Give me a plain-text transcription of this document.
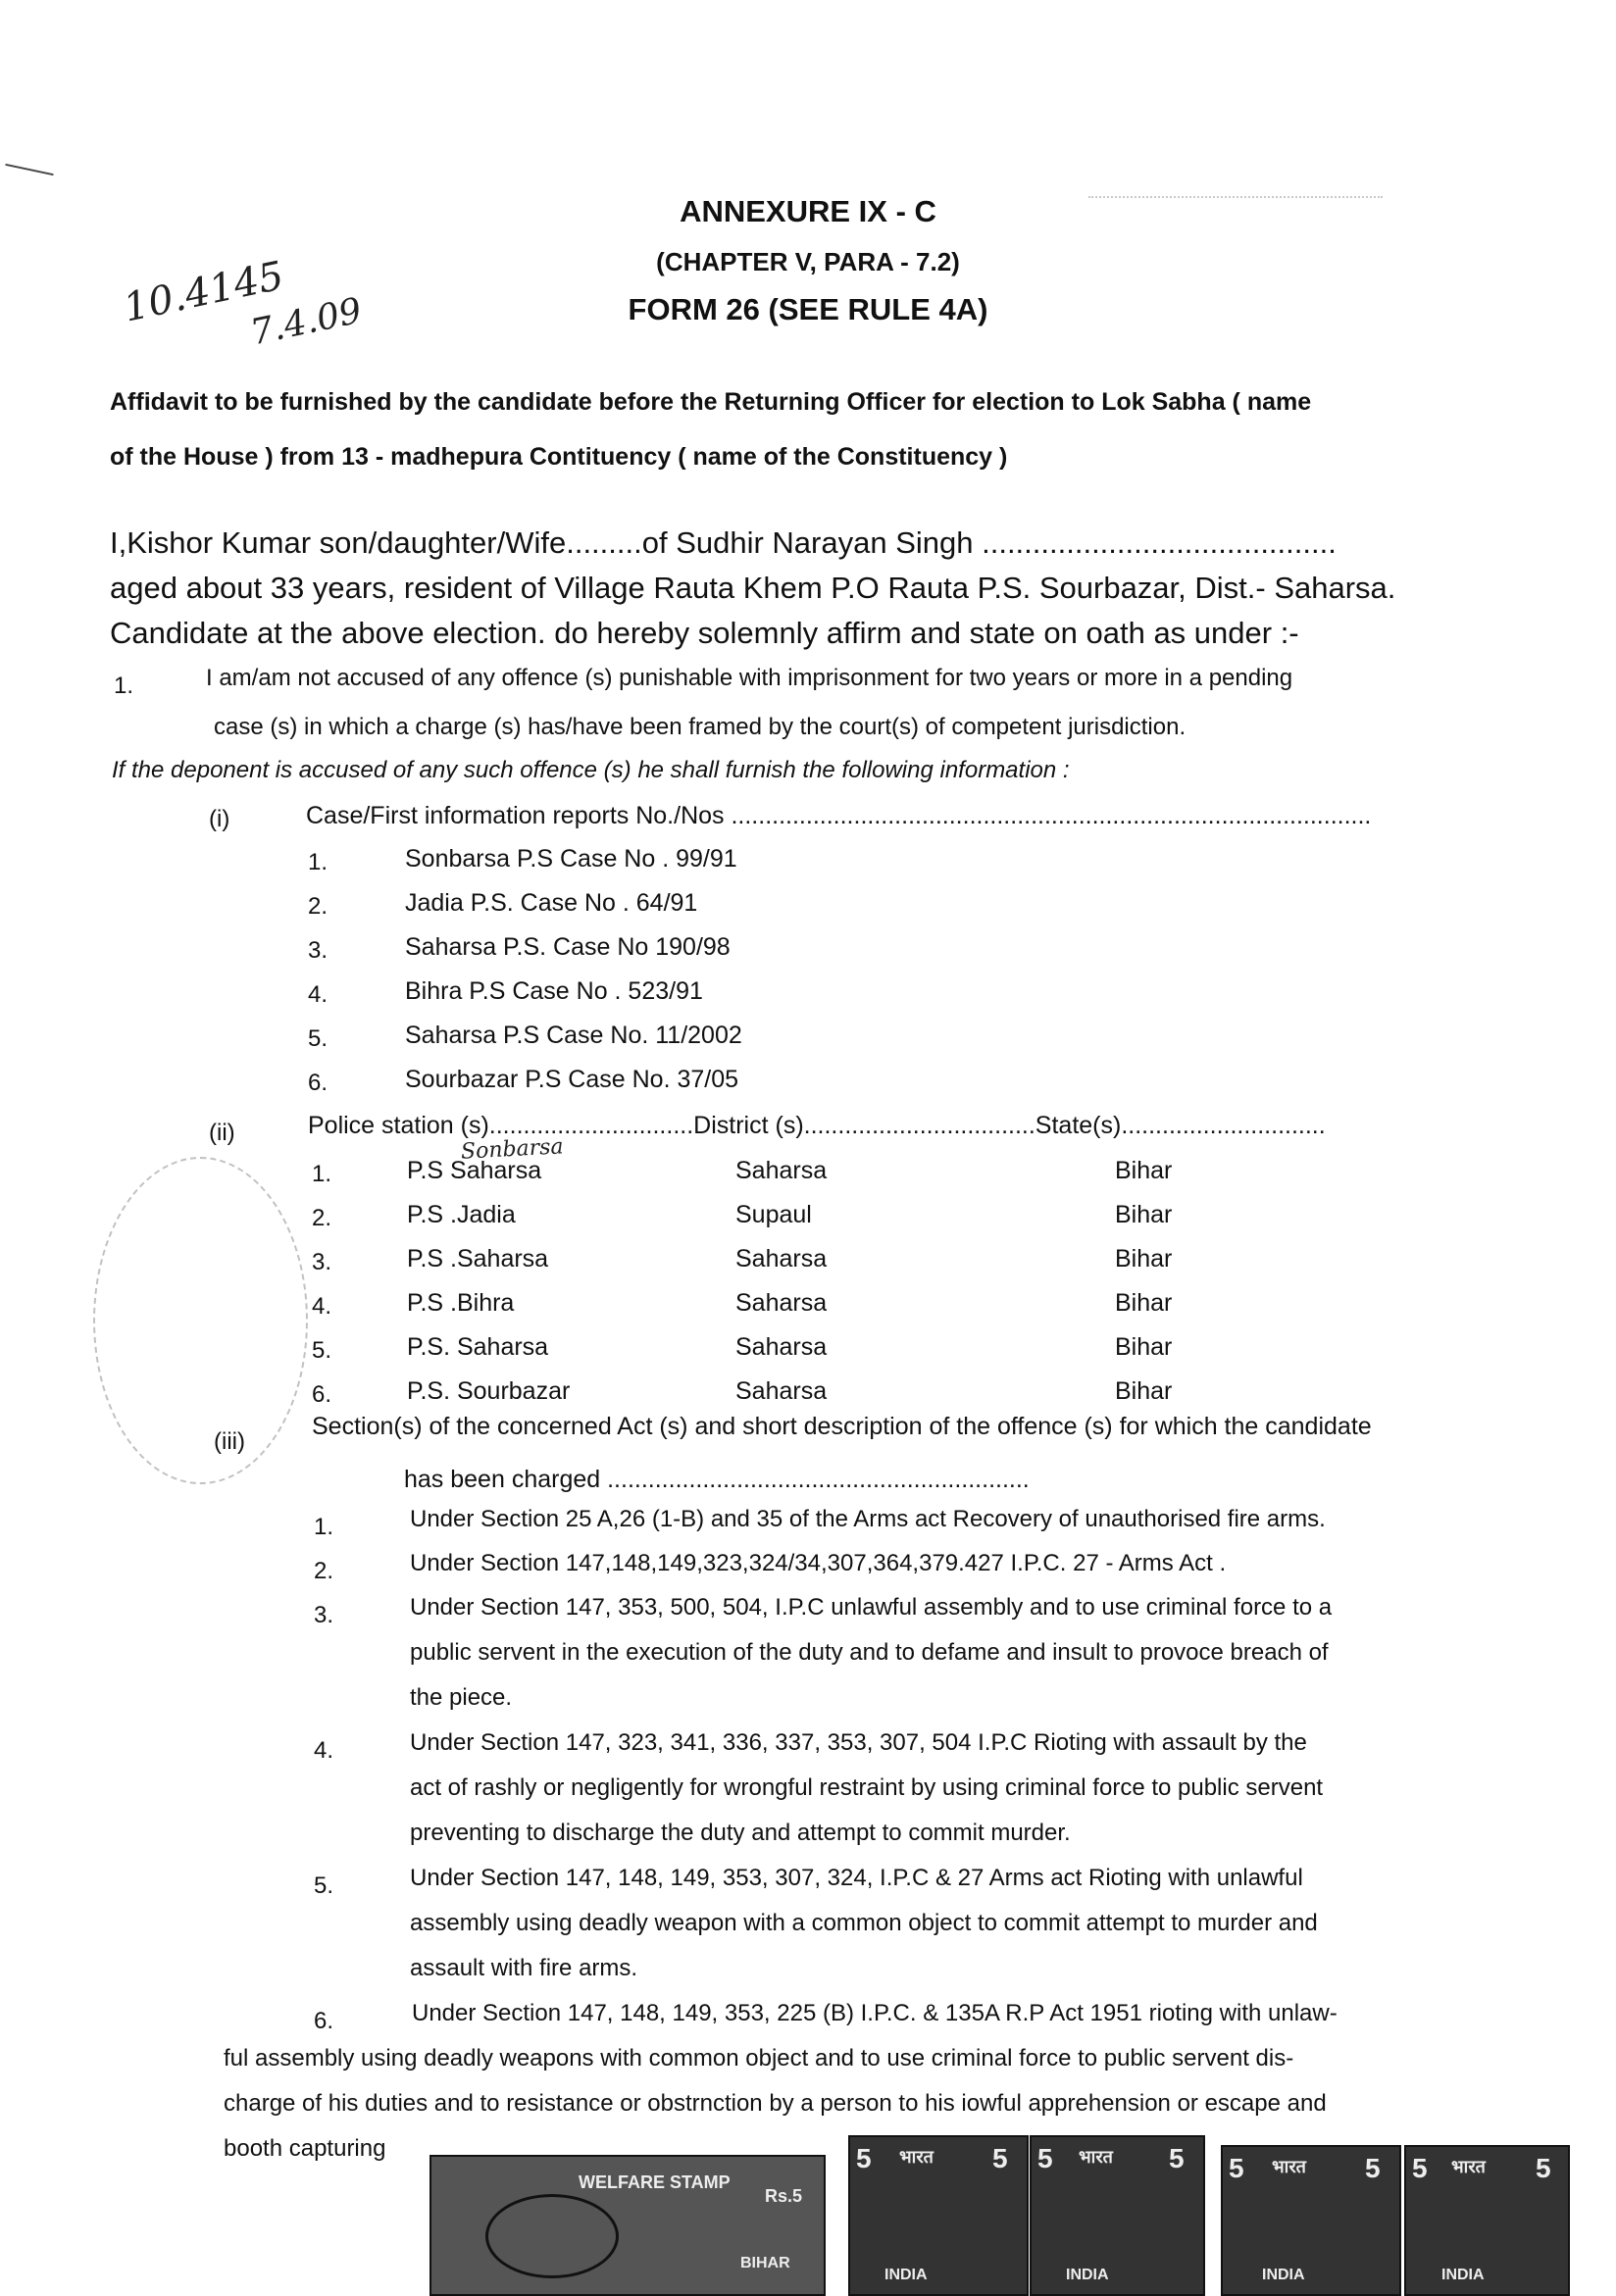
ANNEXURE IX - C
(CHAPTER V, PARA - 7.2)
FORM 26 (SEE RULE 4A)
10.4145
7.4.09
Affidavit to be furnished by the candidate before the Returning Officer for election to Lok Sabha ( name
of the House ) from 13 - madhepura Contituency ( name of the Constituency )
I,Kishor Kumar son/daughter/Wife.........of Sudhir Narayan Singh ..........................................
aged about 33 years, resident of Village Rauta Khem P.O Rauta P.S. Sourbazar, Dist.- Saharsa.
Candidate at the above election. do hereby solemnly affirm and state on oath as under :-
1.	I am/am not accused of any offence (s) punishable with imprisonment for two years or more in a pending
case (s) in which a charge (s) has/have been framed by the court(s) of competent jurisdiction.
If the deponent is accused of any such offence (s) he shall furnish the following information :
(i)	Case/First information reports No./Nos ..............................................................................................
1.	Sonbarsa P.S Case No . 99/91
2.	Jadia P.S. Case No . 64/91
3.	Saharsa P.S. Case No 190/98
4.	Bihra P.S Case No . 523/91
5.	Saharsa P.S Case No. 11/2002
6.	Sourbazar P.S Case No. 37/05
(ii)	Police station (s)..............................District (s)..................................State(s)..............................
Sonbarsa
1.	P.S Saharsa	Saharsa	Bihar
2.	P.S .Jadia	Supaul	Bihar
3.	P.S .Saharsa	Saharsa	Bihar
4.	P.S .Bihra	Saharsa	Bihar
5.	P.S. Saharsa	Saharsa	Bihar
6.	P.S. Sourbazar	Saharsa	Bihar
(iii)
Section(s) of the concerned Act (s) and short description of the offence (s) for which the candidate
has been charged ..............................................................
1.	Under Section 25 A,26 (1-B) and 35 of the Arms act Recovery of unauthorised fire arms.
2.	Under Section 147,148,149,323,324/34,307,364,379.427 I.P.C. 27 - Arms Act .
3.	Under Section 147, 353, 500, 504, I.P.C unlawful assembly and to use criminal force to a
public servent in the execution of the duty and to defame and insult to provoce breach of
the piece.
4.	Under Section 147, 323, 341, 336, 337, 353, 307, 504 I.P.C Rioting with assault by the
act of rashly or negligently for wrongful restraint by using criminal force to public servent
preventing to discharge the duty and attempt to commit murder.
5.	Under Section 147, 148, 149, 353, 307, 324, I.P.C & 27 Arms act Rioting with unlawful
assembly using deadly weapon with a common object to commit attempt to murder and
assault with fire arms.
6.	Under Section 147, 148, 149, 353, 225 (B) I.P.C. & 135A R.P Act 1951 rioting with unlaw-
ful assembly using deadly weapons with common object and to use criminal force to public servent dis-
charge of his duties and to resistance or obstrnction by a person to his iowful apprehension or escape and
booth capturing
WELFARE STAMP
Rs.5
BIHAR
5 भारत 5
INDIA
5 भारत 5
INDIA
5 भारत 5
INDIA
5 भारत 5
INDIA
